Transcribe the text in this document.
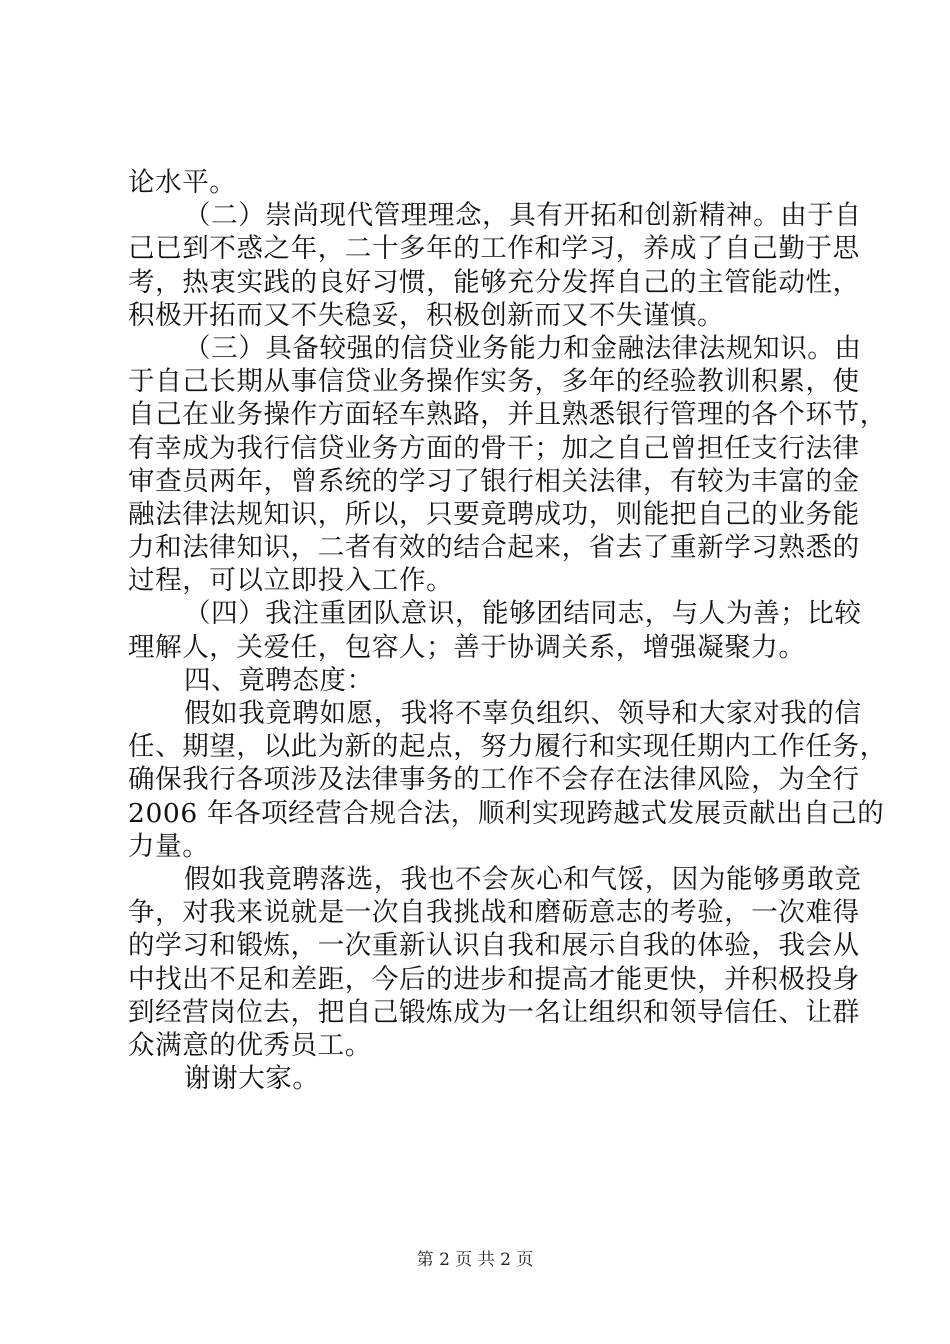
论水平。
（二）崇尚现代管理理念，具有开拓和创新精神。由于自
己已到不惑之年，二十多年的工作和学习，养成了自己勤于思
考，热衷实践的良好习惯，能够充分发挥自己的主管能动性，
积极开拓而又不失稳妥，积极创新而又不失谨慎。
（三）具备较强的信贷业务能力和金融法律法规知识。由
于自己长期从事信贷业务操作实务，多年的经验教训积累，使
自己在业务操作方面轻车熟路，并且熟悉银行管理的各个环节，
有幸成为我行信贷业务方面的骨干；加之自己曾担任支行法律
审查员两年，曾系统的学习了银行相关法律，有较为丰富的金
融法律法规知识，所以，只要竟聘成功，则能把自己的业务能
力和法律知识，二者有效的结合起来，省去了重新学习熟悉的
过程，可以立即投入工作。
（四）我注重团队意识，能够团结同志，与人为善；比较
理解人，关爱任，包容人；善于协调关系，增强凝聚力。
四、竟聘态度：
假如我竟聘如愿，我将不辜负组织、领导和大家对我的信
任、期望，以此为新的起点，努力履行和实现任期内工作任务，
确保我行各项涉及法律事务的工作不会存在法律风险，为全行
2006 年各项经营合规合法，顺利实现跨越式发展贡献出自己的
力量。
假如我竟聘落选，我也不会灰心和气馁，因为能够勇敢竞
争，对我来说就是一次自我挑战和磨砺意志的考验，一次难得
的学习和锻炼，一次重新认识自我和展示自我的体验，我会从
中找出不足和差距，今后的进步和提高才能更快，并积极投身
到经营岗位去，把自己锻炼成为一名让组织和领导信任、让群
众满意的优秀员工。
谢谢大家。
第 2 页 共 2 页
